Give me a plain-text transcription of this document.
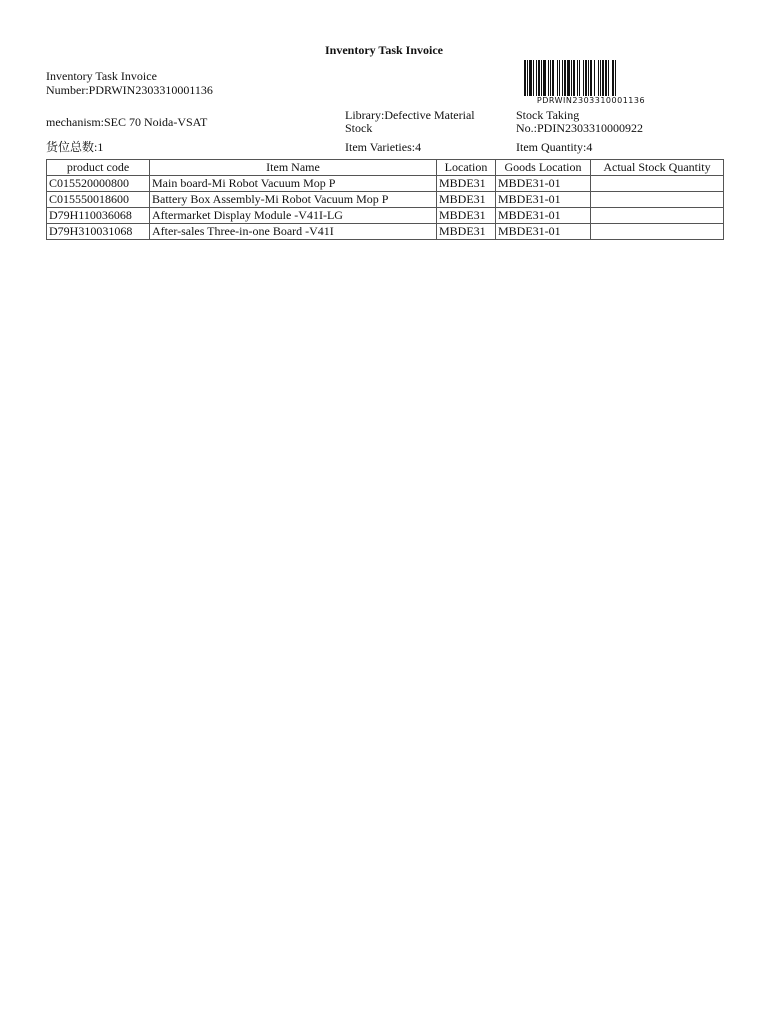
Inventory Task Invoice
Inventory Task Invoice
Number:PDRWIN2303310001136
PDRWIN2303310001136
mechanism:SEC 70 Noida-VSAT	Library:Defective Material
Stock
Stock Taking
No.:PDIN2303310000922
货位总数:1	Item Varieties:4	Item Quantity:4
product code	Item Name	Location	Goods Location	Actual Stock Quantity
C015520000800	Main board-Mi Robot Vacuum Mop P	MBDE31	MBDE31-01	
C015550018600	Battery Box Assembly-Mi Robot Vacuum Mop P	MBDE31	MBDE31-01	
D79H110036068	Aftermarket Display Module -V41I-LG	MBDE31	MBDE31-01	
D79H310031068	After-sales Three-in-one Board -V41I	MBDE31	MBDE31-01	
